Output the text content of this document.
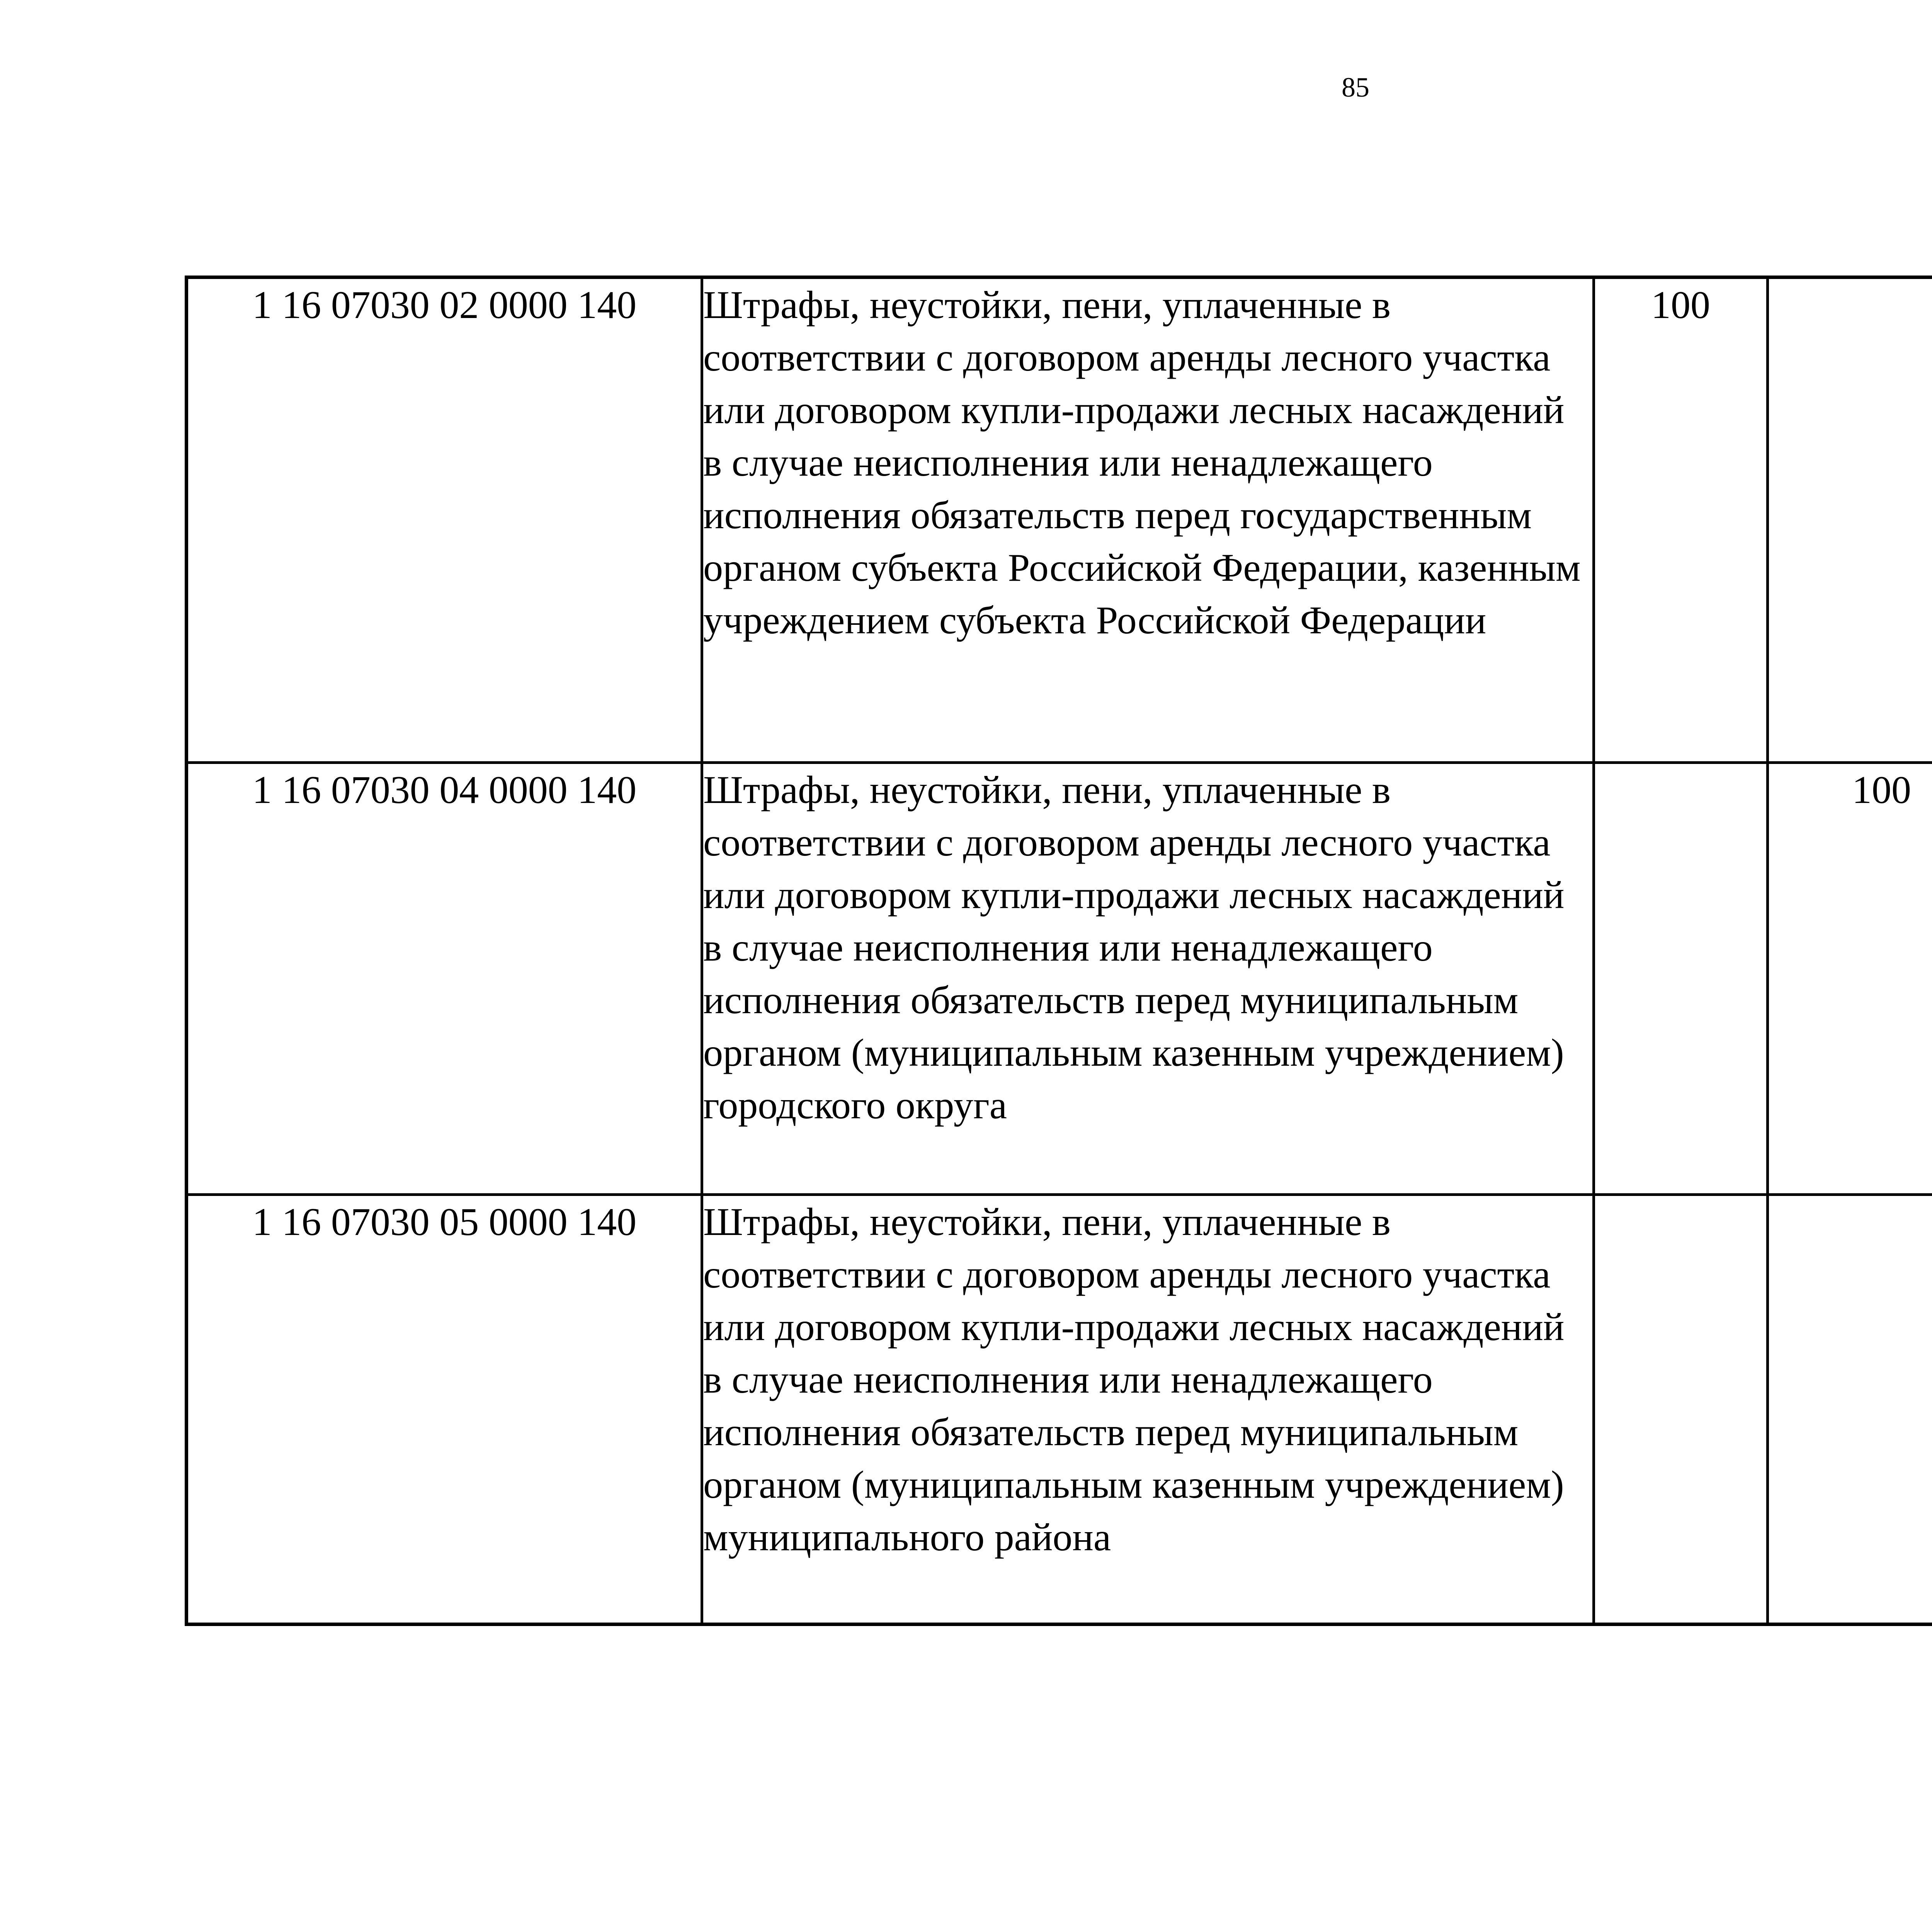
85
1 16 07030 02 0000 140	Штрафы, неустойки, пени, уплаченные в соответствии с договором аренды лесного участка или договором купли-продажи лесных насаждений в случае неисполнения или ненадлежащего исполнения обязательств перед государственным органом субъекта Российской Федерации, казенным учреждением субъекта Российской Федерации	100				
1 16 07030 04 0000 140	Штрафы, неустойки, пени, уплаченные в соответствии с договором аренды лесного участка или договором купли-продажи лесных насаждений в случае неисполнения или ненадлежащего исполнения обязательств перед муниципальным органом (муниципальным казенным учреждением) городского округа		100			
1 16 07030 05 0000 140	Штрафы, неустойки, пени, уплаченные в соответствии с договором аренды лесного участка или договором купли-продажи лесных насаждений в случае неисполнения или ненадлежащего исполнения обязательств перед муниципальным органом (муниципальным казенным учреждением) муниципального района					
